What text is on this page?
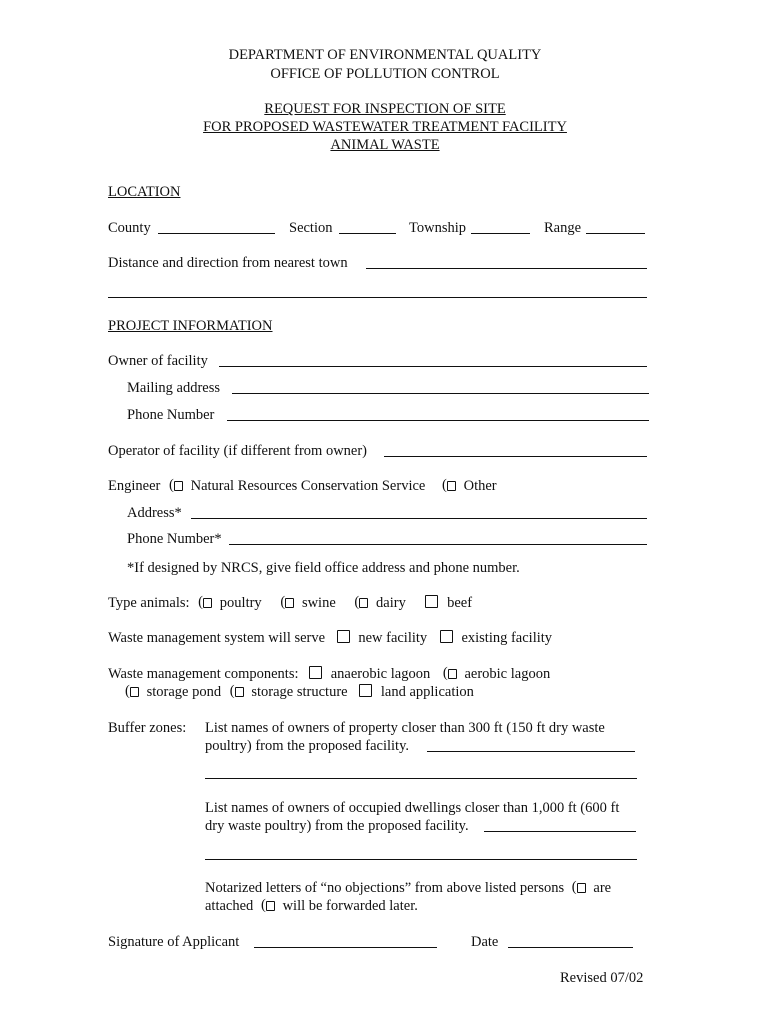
DEPARTMENT OF ENVIRONMENTAL QUALITY
OFFICE OF POLLUTION CONTROL
REQUEST FOR INSPECTION OF SITE
FOR PROPOSED WASTEWATER TREATMENT FACILITY
ANIMAL WASTE
LOCATION
County	Section	Township	Range
Distance and direction from nearest town
PROJECT INFORMATION
Owner of facility
Mailing address
Phone Number
Operator of facility (if different from owner)
Engineer ( Natural Resources Conservation Service (	Other
Address*
Phone Number*
*If designed by NRCS, give field office address and phone number.
Type animals: ( poultry (	swine (	dairy	beef
Waste management system will serve new facility existing facility
Waste management components: anaerobic lagoon ( aerobic lagoon
( storage pond ( storage structure land application
Buffer zones: List names of owners of property closer than 300 ft (150 ft dry waste
poultry) from the proposed facility.
List names of owners of occupied dwellings closer than 1,000 ft (600 ft
dry waste poultry) from the proposed facility.
Notarized letters of “no objections” from above listed persons ( are
attached ( will be forwarded later.
Signature of Applicant	Date
Revised 07/02
